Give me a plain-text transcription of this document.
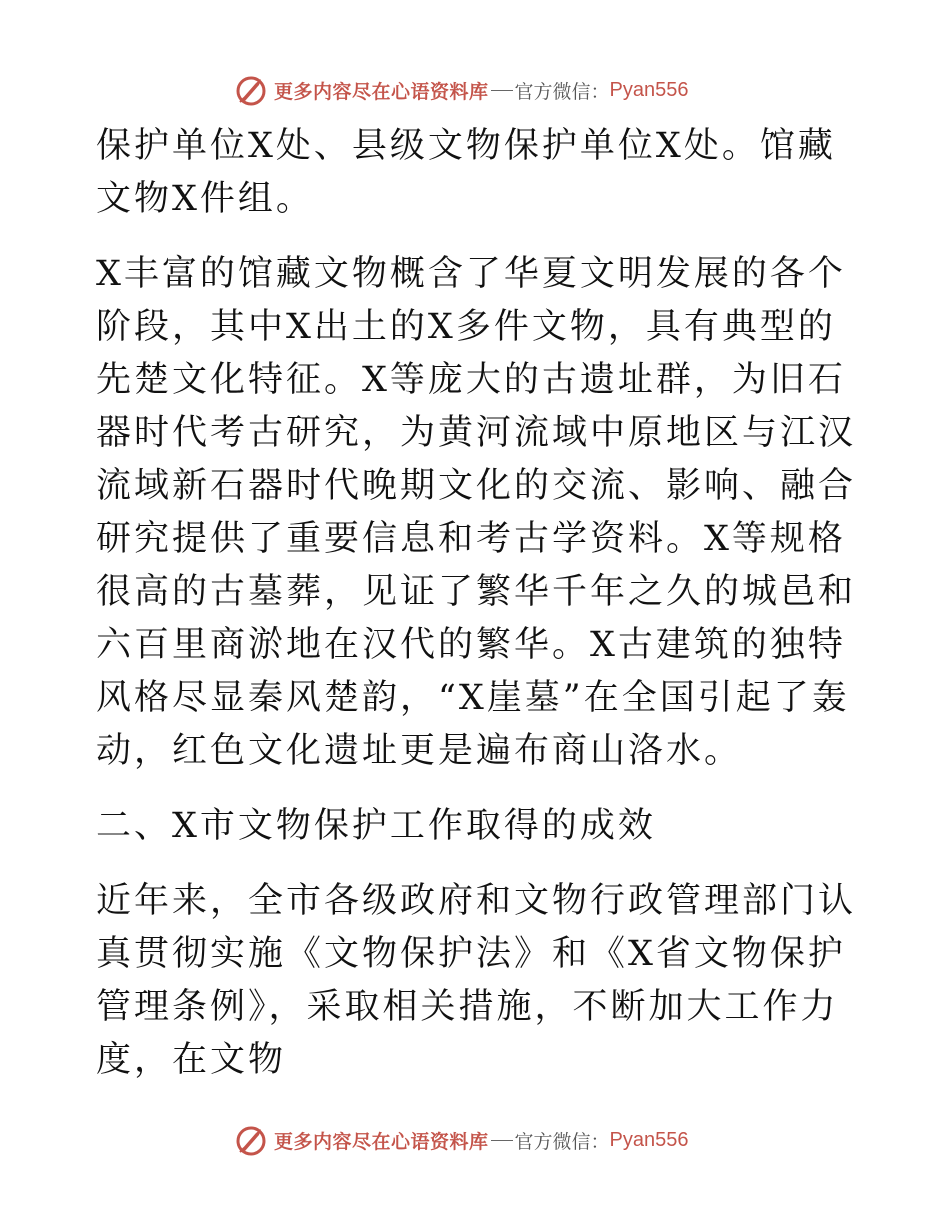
更多内容尽在心语资料库 官方微信： Pyan556

保护单位X处、县级文物保护单位X处。馆藏文物X件组。

X丰富的馆藏文物概含了华夏文明发展的各个阶段，其中X出土的X多件文物，具有典型的先楚文化特征。X等庞大的古遗址群，为旧石器时代考古研究，为黄河流域中原地区与江汉流域新石器时代晚期文化的交流、影响、融合研究提供了重要信息和考古学资料。X等规格很高的古墓葬，见证了繁华千年之久的城邑和六百里商淤地在汉代的繁华。X古建筑的独特风格尽显秦风楚韵，“X崖墓”在全国引起了轰动，红色文化遗址更是遍布商山洛水。

二、X市文物保护工作取得的成效

近年来，全市各级政府和文物行政管理部门认真贯彻实施《文物保护法》和《X省文物保护管理条例》，采取相关措施，不断加大工作力度，在文物

更多内容尽在心语资料库 官方微信： Pyan556
